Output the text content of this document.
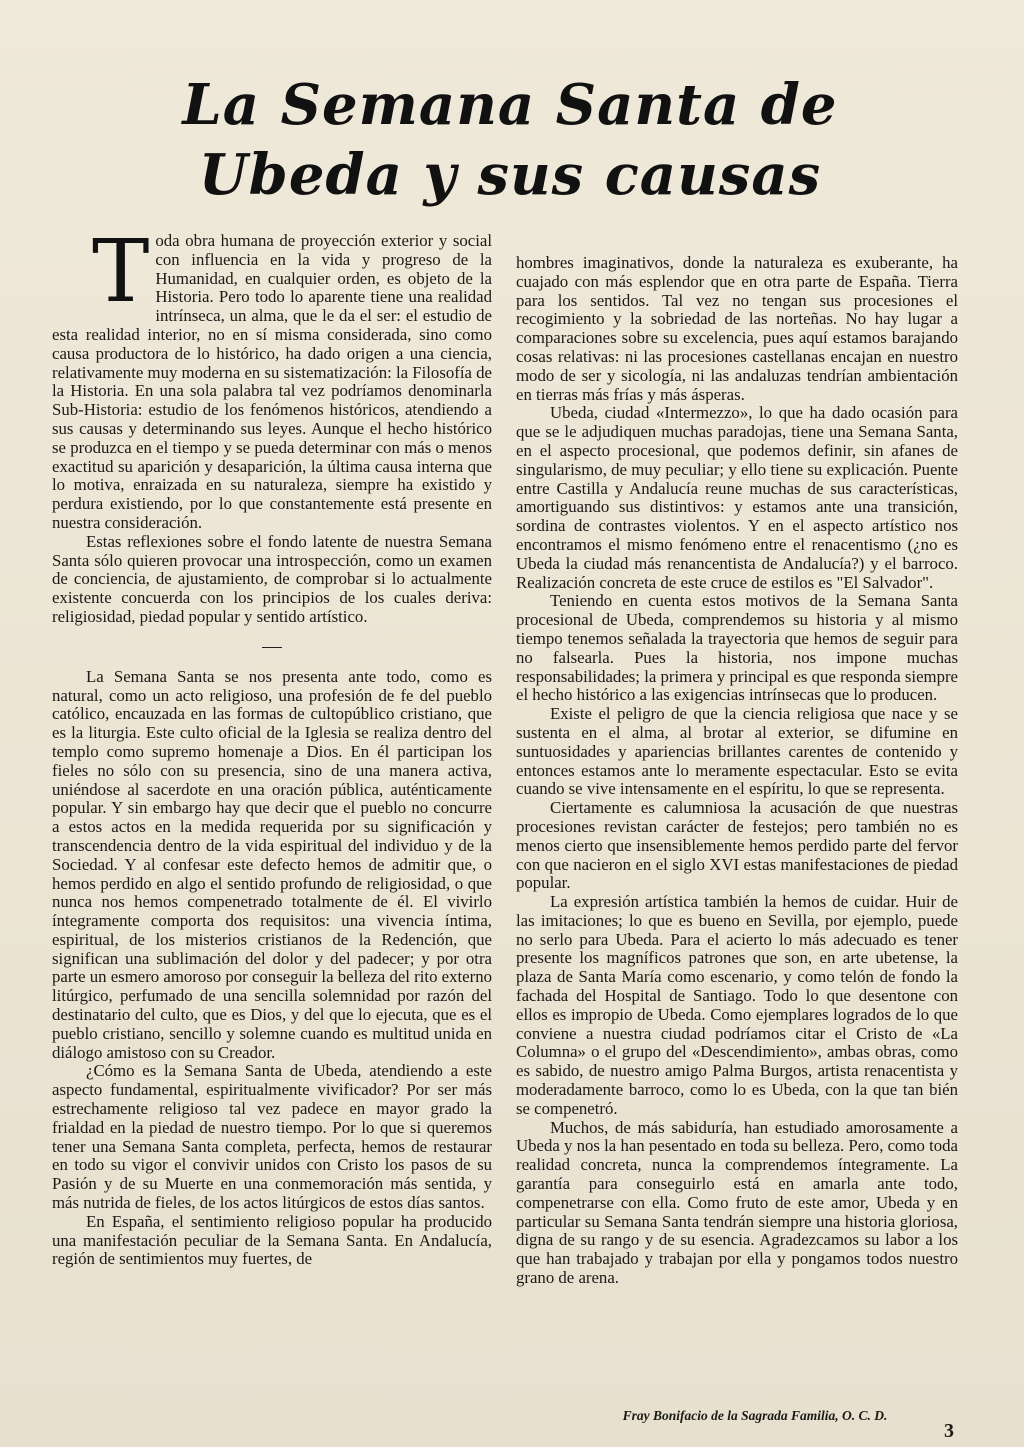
La Semana Santa de
Ubeda y sus causas

Toda obra humana de proyección exterior y social con influencia en la vida y progreso de la Humanidad, en cualquier orden, es objeto de la Historia. Pero todo lo aparente tiene una realidad intrínseca, un alma, que le da el ser: el estudio de esta realidad interior, no en sí misma considerada, sino como causa productora de lo histórico, ha dado origen a una ciencia, relativamente muy moderna en su sistematización: la Filosofía de la Historia. En una sola palabra tal vez podríamos denominarla Sub-Historia: estudio de los fenómenos históricos, atendiendo a sus causas y determinando sus leyes. Aunque el hecho histórico se produzca en el tiempo y se pueda determinar con más o menos exactitud su aparición y desaparición, la última causa interna que lo motiva, enraizada en su naturaleza, siempre ha existido y perdura existiendo, por lo que constantemente está presente en nuestra consideración.

Estas reflexiones sobre el fondo latente de nuestra Semana Santa sólo quieren provocar una introspección, como un examen de conciencia, de ajustamiento, de comprobar si lo actualmente existente concuerda con los principios de los cuales deriva: religiosidad, piedad popular y sentido artístico.

La Semana Santa se nos presenta ante todo, como es natural, como un acto religioso, una profesión de fe del pueblo católico, encauzada en las formas de cultopúblico cristiano, que es la liturgia. Este culto oficial de la Iglesia se realiza dentro del templo como supremo homenaje a Dios. En él participan los fieles no sólo con su presencia, sino de una manera activa, uniéndose al sacerdote en una oración pública, auténticamente popular. Y sin embargo hay que decir que el pueblo no concurre a estos actos en la medida requerida por su significación y transcendencia dentro de la vida espiritual del individuo y de la Sociedad. Y al confesar este defecto hemos de admitir que, o hemos perdido en algo el sentido profundo de religiosidad, o que nunca nos hemos compenetrado totalmente de él. El vivirlo íntegramente comporta dos requisitos: una vivencia íntima, espiritual, de los misterios cristianos de la Redención, que significan una sublimación del dolor y del padecer; y por otra parte un esmero amoroso por conseguir la belleza del rito externo litúrgico, perfumado de una sencilla solemnidad por razón del destinatario del culto, que es Dios, y del que lo ejecuta, que es el pueblo cristiano, sencillo y solemne cuando es multitud unida en diálogo amistoso con su Creador.

¿Cómo es la Semana Santa de Ubeda, atendiendo a este aspecto fundamental, espiritualmente vivificador? Por ser más estrechamente religioso tal vez padece en mayor grado la frialdad en la piedad de nuestro tiempo. Por lo que si queremos tener una Semana Santa completa, perfecta, hemos de restaurar en todo su vigor el convivir unidos con Cristo los pasos de su Pasión y de su Muerte en una conmemoración más sentida, y más nutrida de fieles, de los actos litúrgicos de estos días santos.

En España, el sentimiento religioso popular ha producido una manifestación peculiar de la Semana Santa. En Andalucía, región de sentimientos muy fuertes, de

hombres imaginativos, donde la naturaleza es exuberante, ha cuajado con más esplendor que en otra parte de España. Tierra para los sentidos. Tal vez no tengan sus procesiones el recogimiento y la sobriedad de las norteñas. No hay lugar a comparaciones sobre su excelencia, pues aquí estamos barajando cosas relativas: ni las procesiones castellanas encajan en nuestro modo de ser y sicología, ni las andaluzas tendrían ambientación en tierras más frías y más ásperas.

Ubeda, ciudad «Intermezzo», lo que ha dado ocasión para que se le adjudiquen muchas paradojas, tiene una Semana Santa, en el aspecto procesional, que podemos definir, sin afanes de singularismo, de muy peculiar; y ello tiene su explicación. Puente entre Castilla y Andalucía reune muchas de sus características, amortiguando sus distintivos: y estamos ante una transición, sordina de contrastes violentos. Y en el aspecto artístico nos encontramos el mismo fenómeno entre el renacentismo (¿no es Ubeda la ciudad más renancentista de Andalucía?) y el barroco. Realización concreta de este cruce de estilos es "El Salvador".

Teniendo en cuenta estos motivos de la Semana Santa procesional de Ubeda, comprendemos su historia y al mismo tiempo tenemos señalada la trayectoria que hemos de seguir para no falsearla. Pues la historia, nos impone muchas responsabilidades; la primera y principal es que responda siempre el hecho histórico a las exigencias intrínsecas que lo producen.

Existe el peligro de que la ciencia religiosa que nace y se sustenta en el alma, al brotar al exterior, se difumine en suntuosidades y apariencias brillantes carentes de contenido y entonces estamos ante lo meramente espectacular. Esto se evita cuando se vive intensamente en el espíritu, lo que se representa.

Ciertamente es calumniosa la acusación de que nuestras procesiones revistan carácter de festejos; pero también no es menos cierto que insensiblemente hemos perdido parte del fervor con que nacieron en el siglo XVI estas manifestaciones de piedad popular.

La expresión artística también la hemos de cuidar. Huir de las imitaciones; lo que es bueno en Sevilla, por ejemplo, puede no serlo para Ubeda. Para el acierto lo más adecuado es tener presente los magníficos patrones que son, en arte ubetense, la plaza de Santa María como escenario, y como telón de fondo la fachada del Hospital de Santiago. Todo lo que desentone con ellos es impropio de Ubeda. Como ejemplares logrados de lo que conviene a nuestra ciudad podríamos citar el Cristo de «La Columna» o el grupo del «Descendimiento», ambas obras, como es sabido, de nuestro amigo Palma Burgos, artista renacentista y moderadamente barroco, como lo es Ubeda, con la que tan bién se compenetró.

Muchos, de más sabiduría, han estudiado amorosamente a Ubeda y nos la han pesentado en toda su belleza. Pero, como toda realidad concreta, nunca la comprendemos íntegramente. La garantía para conseguirlo está en amarla ante todo, compenetrarse con ella. Como fruto de este amor, Ubeda y en particular su Semana Santa tendrán siempre una historia gloriosa, digna de su rango y de su esencia. Agradezcamos su labor a los que han trabajado y trabajan por ella y pongamos todos nuestro grano de arena.

Fray Bonifacio de la Sagrada Familia, O. C. D.
3
